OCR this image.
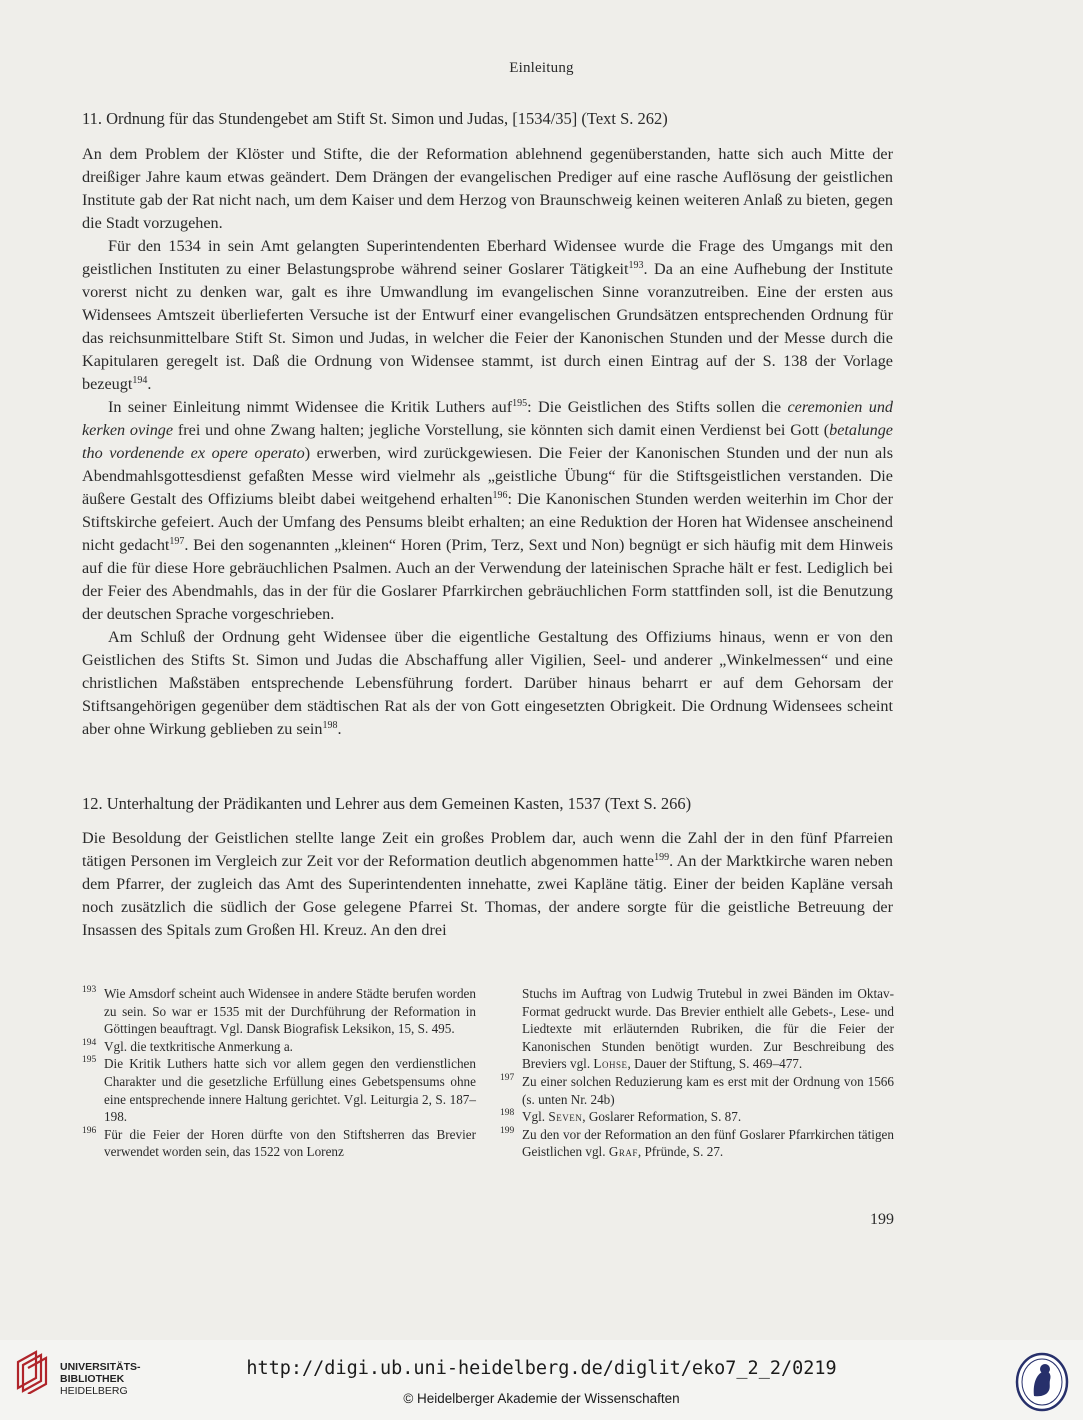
Einleitung
11. Ordnung für das Stundengebet am Stift St. Simon und Judas, [1534/35] (Text S. 262)

An dem Problem der Klöster und Stifte, die der Reformation ablehnend gegenüberstanden, hatte sich auch Mitte der dreißiger Jahre kaum etwas geändert. Dem Drängen der evangelischen Prediger auf eine rasche Auflösung der geistlichen Institute gab der Rat nicht nach, um dem Kaiser und dem Herzog von Braunschweig keinen weiteren Anlaß zu bieten, gegen die Stadt vorzugehen.

Für den 1534 in sein Amt gelangten Superintendenten Eberhard Widensee wurde die Frage des Umgangs mit den geistlichen Instituten zu einer Belastungsprobe während seiner Goslarer Tätigkeit$^{193}$. Da an eine Aufhebung der Institute vorerst nicht zu denken war, galt es ihre Umwandlung im evangelischen Sinne voranzutreiben. Eine der ersten aus Widensees Amtszeit überlieferten Versuche ist der Entwurf einer evangelischen Grundsätzen entsprechenden Ordnung für das reichsunmittelbare Stift St. Simon und Judas, in welcher die Feier der Kanonischen Stunden und der Messe durch die Kapitularen geregelt ist. Daß die Ordnung von Widensee stammt, ist durch einen Eintrag auf der S. 138 der Vorlage bezeugt$^{194}$.

In seiner Einleitung nimmt Widensee die Kritik Luthers auf$^{195}$: Die Geistlichen des Stifts sollen die ceremonien und kerken ovinge frei und ohne Zwang halten; jegliche Vorstellung, sie könnten sich damit einen Verdienst bei Gott (betalunge tho vordenende ex opere operato) erwerben, wird zurückgewiesen. Die Feier der Kanonischen Stunden und der nun als Abendmahlsgottesdienst gefaßten Messe wird vielmehr als „geistliche Übung“ für die Stiftsgeistlichen verstanden. Die äußere Gestalt des Offiziums bleibt dabei weitgehend erhalten$^{196}$: Die Kanonischen Stunden werden weiterhin im Chor der Stiftskirche gefeiert. Auch der Umfang des Pensums bleibt erhalten; an eine Reduktion der Horen hat Widensee anscheinend nicht gedacht$^{197}$. Bei den sogenannten „kleinen“ Horen (Prim, Terz, Sext und Non) begnügt er sich häufig mit dem Hinweis auf die für diese Hore gebräuchlichen Psalmen. Auch an der Verwendung der lateinischen Sprache hält er fest. Lediglich bei der Feier des Abendmahls, das in der für die Goslarer Pfarrkirchen gebräuchlichen Form stattfinden soll, ist die Benutzung der deutschen Sprache vorgeschrieben.

Am Schluß der Ordnung geht Widensee über die eigentliche Gestaltung des Offiziums hinaus, wenn er von den Geistlichen des Stifts St. Simon und Judas die Abschaffung aller Vigilien, Seel- und anderer „Winkelmessen“ und eine christlichen Maßstäben entsprechende Lebensführung fordert. Darüber hinaus beharrt er auf dem Gehorsam der Stiftsangehörigen gegenüber dem städtischen Rat als der von Gott eingesetzten Obrigkeit. Die Ordnung Widensees scheint aber ohne Wirkung geblieben zu sein$^{198}$.

12. Unterhaltung der Prädikanten und Lehrer aus dem Gemeinen Kasten, 1537 (Text S. 266)

Die Besoldung der Geistlichen stellte lange Zeit ein großes Problem dar, auch wenn die Zahl der in den fünf Pfarreien tätigen Personen im Vergleich zur Zeit vor der Reformation deutlich abgenommen hatte$^{199}$. An der Marktkirche waren neben dem Pfarrer, der zugleich das Amt des Superintendenten innehatte, zwei Kapläne tätig. Einer der beiden Kapläne versah noch zusätzlich die südlich der Gose gelegene Pfarrei St. Thomas, der andere sorgte für die geistliche Betreuung der Insassen des Spitals zum Großen Hl. Kreuz. An den drei

193 Wie Amsdorf scheint auch Widensee in andere Städte berufen worden zu sein. So war er 1535 mit der Durchführung der Reformation in Göttingen beauftragt. Vgl. Dansk Biografisk Leksikon, 15, S. 495.
194 Vgl. die textkritische Anmerkung a.
195 Die Kritik Luthers hatte sich vor allem gegen den verdienstlichen Charakter und die gesetzliche Erfüllung eines Gebetspensums ohne eine entsprechende innere Haltung gerichtet. Vgl. Leiturgia 2, S. 187–198.
196 Für die Feier der Horen dürfte von den Stiftsherren das Brevier verwendet worden sein, das 1522 von Lorenz
Stuchs im Auftrag von Ludwig Trutebul in zwei Bänden im Oktav-Format gedruckt wurde. Das Brevier enthielt alle Gebets-, Lese- und Liedtexte mit erläuternden Rubriken, die für die Feier der Kanonischen Stunden benötigt wurden. Zur Beschreibung des Breviers vgl. Lohse, Dauer der Stiftung, S. 469–477.
197 Zu einer solchen Reduzierung kam es erst mit der Ordnung von 1566 (s. unten Nr. 24b)
198 Vgl. Seven, Goslarer Reformation, S. 87.
199 Zu den vor der Reformation an den fünf Goslarer Pfarrkirchen tätigen Geistlichen vgl. Graf, Pfründe, S. 27.
199
UNIVERSITÄTS-
BIBLIOTHEK
HEIDELBERG
http://digi.ub.uni-heidelberg.de/diglit/eko7_2_2/0219
© Heidelberger Akademie der Wissenschaften
